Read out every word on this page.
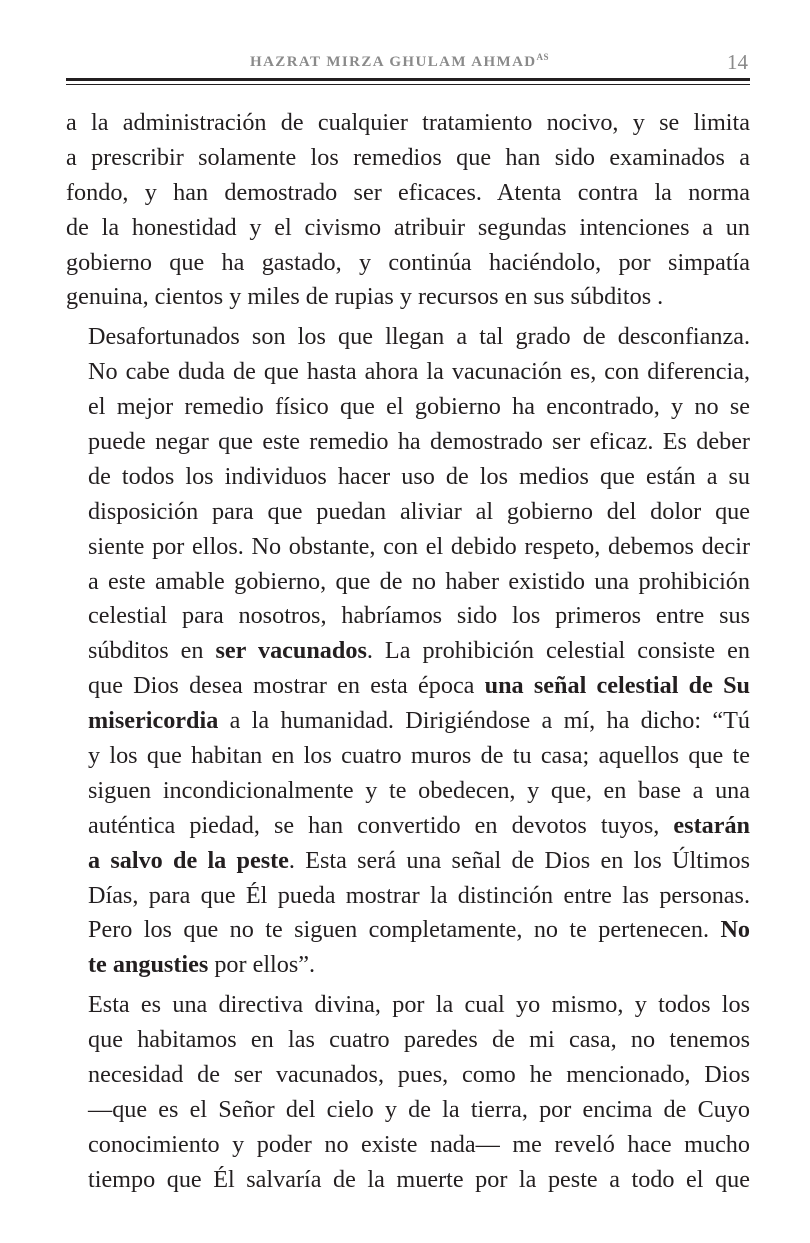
HAZRAT MIRZA GHULAM $AHMAD^{AS}$	14

a la administración de cualquier tratamiento nocivo, y se limita
a prescribir solamente los remedios que han sido examinados a
fondo, y han demostrado ser eficaces. Atenta contra la norma
de la honestidad y el civismo atribuir segundas intenciones a un
gobierno que ha gastado, y continúa haciéndolo, por simpatía
genuina, cientos y miles de rupias y recursos en sus súbditos .

Desafortunados son los que llegan a tal grado de desconfianza.
No cabe duda de que hasta ahora la vacunación es, con diferencia,
el mejor remedio físico que el gobierno ha encontrado, y no se
puede negar que este remedio ha demostrado ser eficaz. Es deber
de todos los individuos hacer uso de los medios que están a su
disposición para que puedan aliviar al gobierno del dolor que
siente por ellos. No obstante, con el debido respeto, debemos decir
a este amable gobierno, que de no haber existido una prohibición
celestial para nosotros, habríamos sido los primeros entre sus
súbditos en ser vacunados. La prohibición celestial consiste en
que Dios desea mostrar en esta época una señal celestial de Su
misericordia a la humanidad. Dirigiéndose a mí, ha dicho: “Tú
y los que habitan en los cuatro muros de tu casa; aquellos que te
siguen incondicionalmente y te obedecen, y que, en base a una
auténtica piedad, se han convertido en devotos tuyos, estarán
a salvo de la peste. Esta será una señal de Dios en los Últimos
Días, para que Él pueda mostrar la distinción entre las personas.
Pero los que no te siguen completamente, no te pertenecen. No
te angusties por ellos”.

Esta es una directiva divina, por la cual yo mismo, y todos los
que habitamos en las cuatro paredes de mi casa, no tenemos
necesidad de ser vacunados, pues, como he mencionado, Dios
—que es el Señor del cielo y de la tierra, por encima de Cuyo
conocimiento y poder no existe nada— me reveló hace mucho
tiempo que Él salvaría de la muerte por la peste a todo el que
